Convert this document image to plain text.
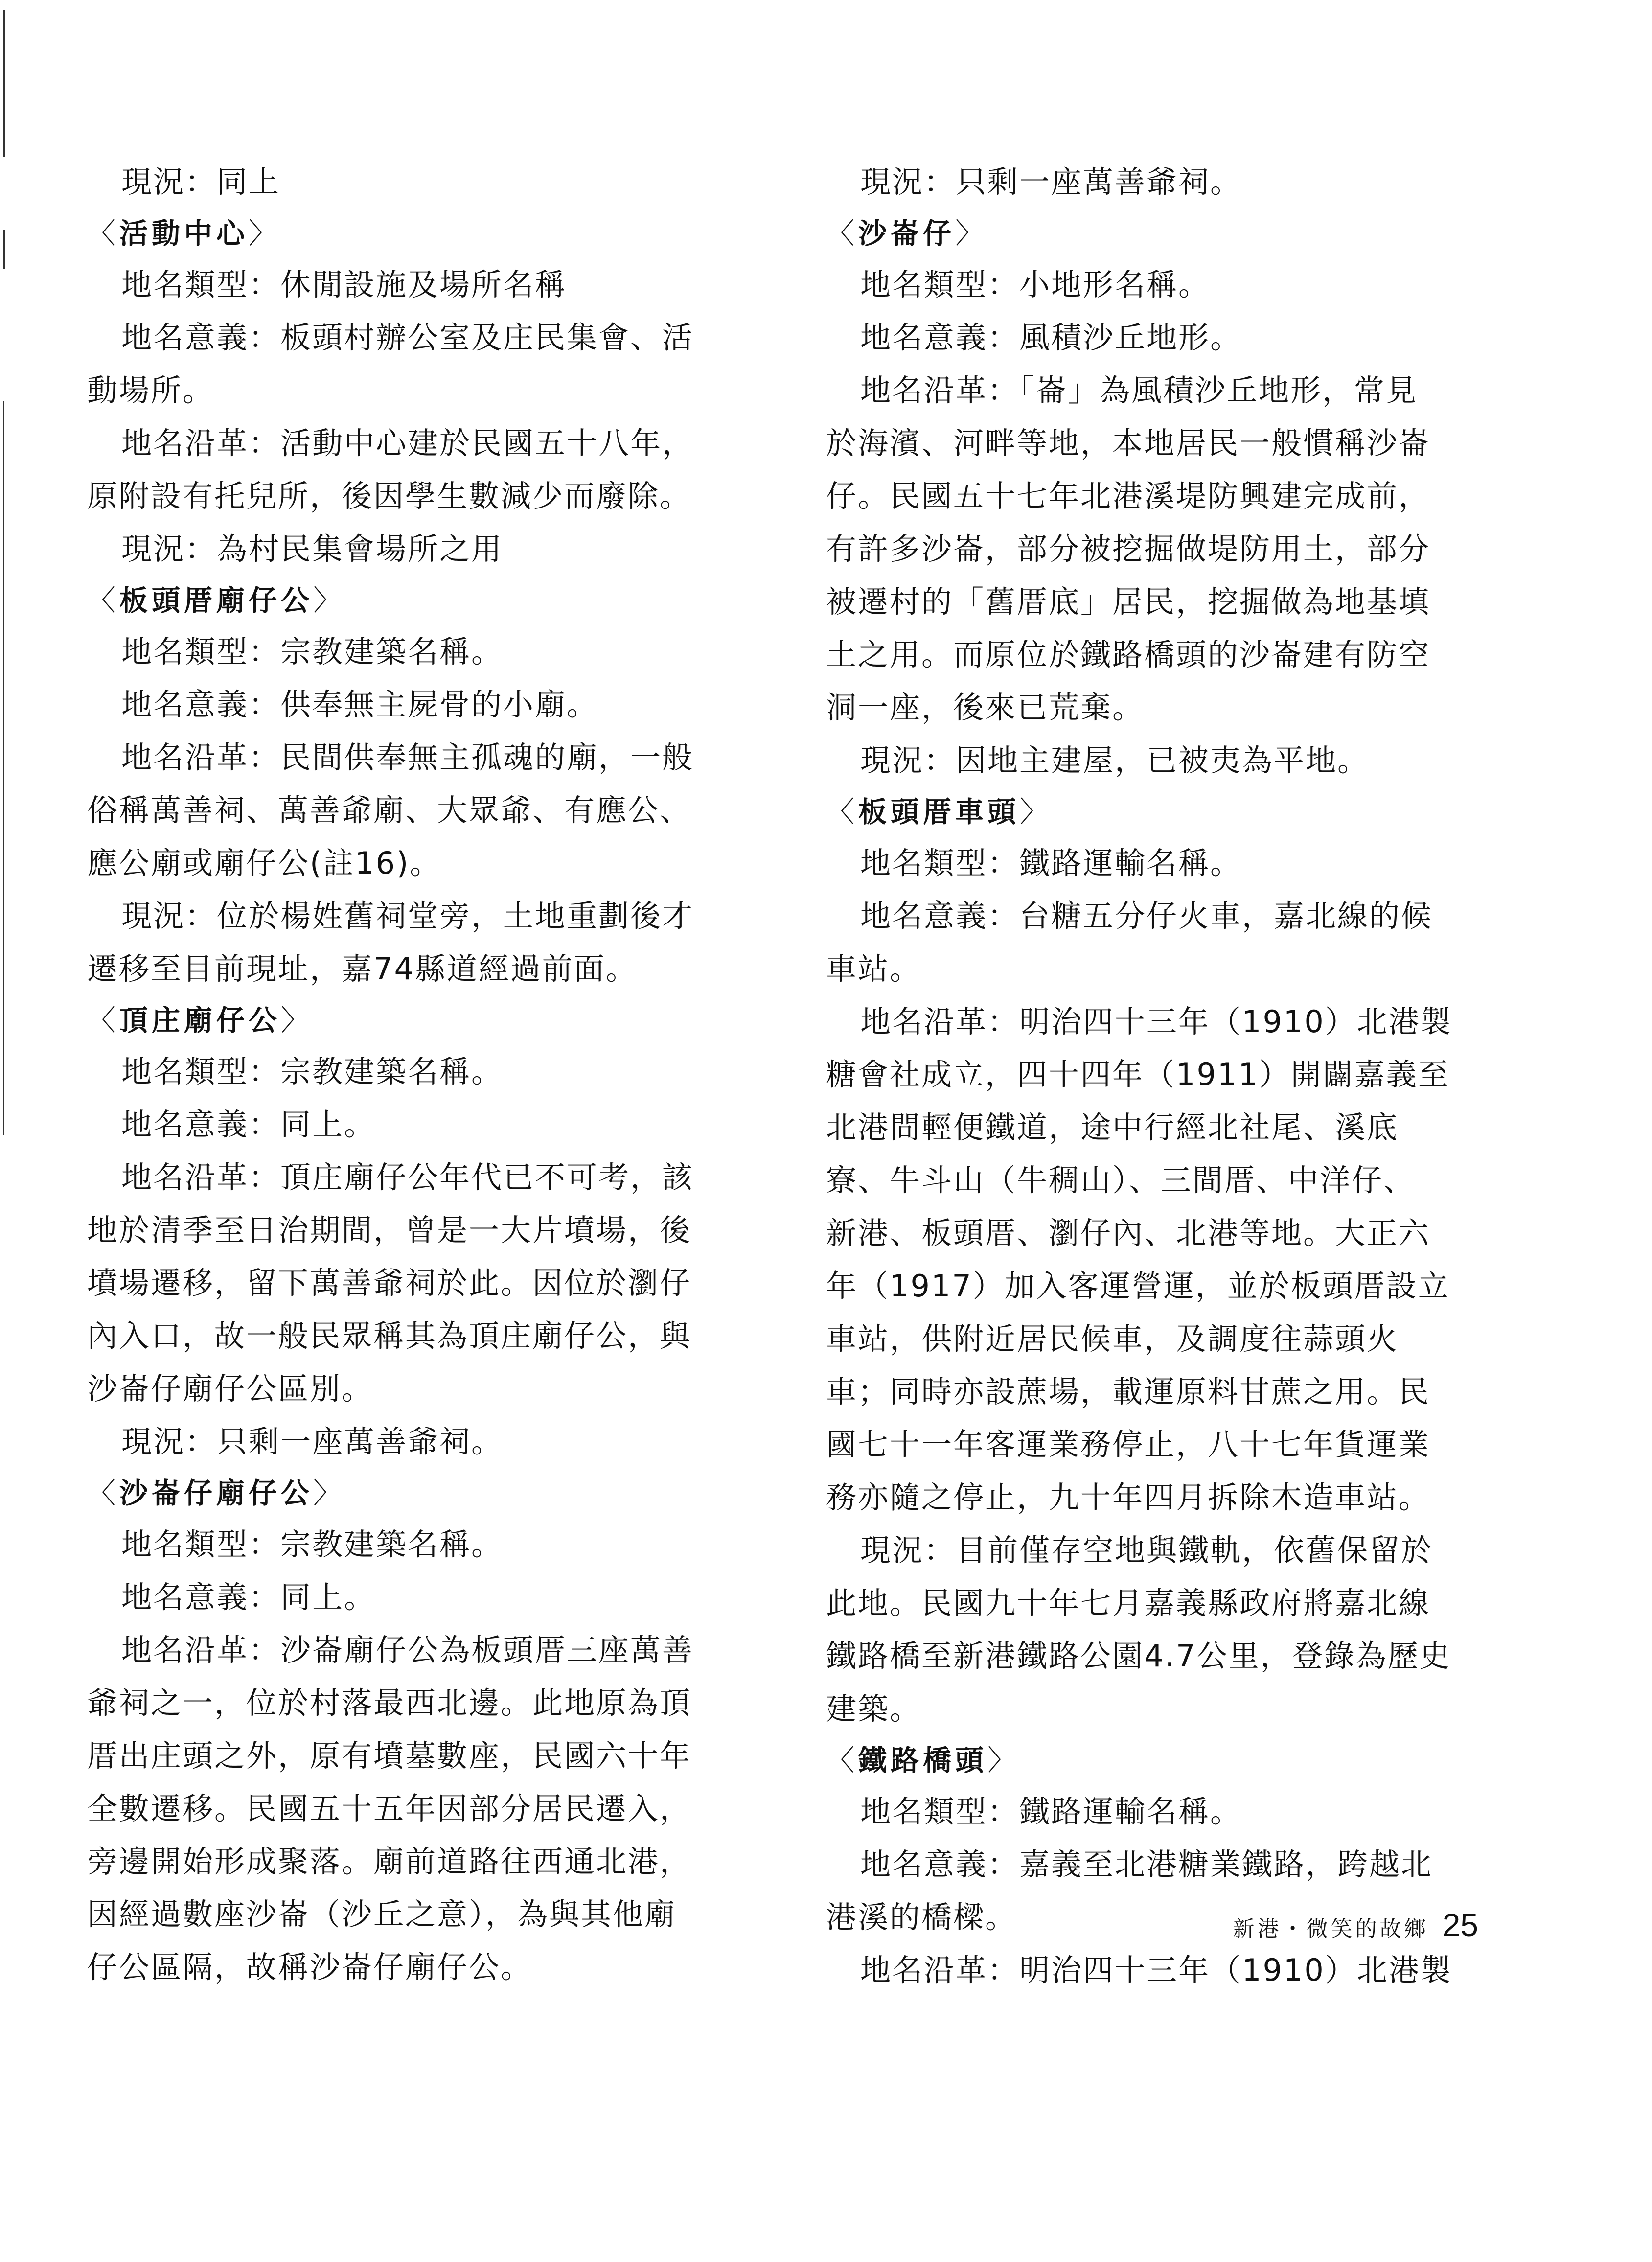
現況：同上

〈活動中心〉

地名類型：休閒設施及場所名稱

地名意義：板頭村辦公室及庄民集會、活

動場所。

地名沿革：活動中心建於民國五十八年，

原附設有托兒所，後因學生數減少而廢除。

現況：為村民集會場所之用

〈板頭厝廟仔公〉

地名類型：宗教建築名稱。

地名意義：供奉無主屍骨的小廟。

地名沿革：民間供奉無主孤魂的廟，一般

俗稱萬善祠、萬善爺廟、大眾爺、有應公、

應公廟或廟仔公(註16)。

現況：位於楊姓舊祠堂旁，土地重劃後才

遷移至目前現址，嘉74縣道經過前面。

〈頂庄廟仔公〉

地名類型：宗教建築名稱。

地名意義：同上。

地名沿革：頂庄廟仔公年代已不可考，該

地於清季至日治期間，曾是一大片墳場，後

墳場遷移，留下萬善爺祠於此。因位於瀏仔

內入口，故一般民眾稱其為頂庄廟仔公，與

沙崙仔廟仔公區別。

現況：只剩一座萬善爺祠。

〈沙崙仔廟仔公〉

地名類型：宗教建築名稱。

地名意義：同上。

地名沿革：沙崙廟仔公為板頭厝三座萬善

爺祠之一，位於村落最西北邊。此地原為頂

厝出庄頭之外，原有墳墓數座，民國六十年

全數遷移。民國五十五年因部分居民遷入，

旁邊開始形成聚落。廟前道路往西通北港，

因經過數座沙崙（沙丘之意），為與其他廟

仔公區隔，故稱沙崙仔廟仔公。

現況：只剩一座萬善爺祠。

〈沙崙仔〉

地名類型：小地形名稱。

地名意義：風積沙丘地形。

地名沿革：「崙」為風積沙丘地形，常見

於海濱、河畔等地，本地居民一般慣稱沙崙

仔。民國五十七年北港溪堤防興建完成前，

有許多沙崙，部分被挖掘做堤防用土，部分

被遷村的「舊厝底」居民，挖掘做為地基填

土之用。而原位於鐵路橋頭的沙崙建有防空

洞一座，後來已荒棄。

現況：因地主建屋，已被夷為平地。

〈板頭厝車頭〉

地名類型：鐵路運輸名稱。

地名意義：台糖五分仔火車，嘉北線的候

車站。

地名沿革：明治四十三年（1910）北港製

糖會社成立，四十四年（1911）開闢嘉義至

北港間輕便鐵道，途中行經北社尾、溪底

寮、牛斗山（牛稠山）、三間厝、中洋仔、

新港、板頭厝、瀏仔內、北港等地。大正六

年（1917）加入客運營運，並於板頭厝設立

車站，供附近居民候車，及調度往蒜頭火

車；同時亦設蔗場，載運原料甘蔗之用。民

國七十一年客運業務停止，八十七年貨運業

務亦隨之停止，九十年四月拆除木造車站。

現況：目前僅存空地與鐵軌，依舊保留於

此地。民國九十年七月嘉義縣政府將嘉北線

鐵路橋至新港鐵路公園4.7公里，登錄為歷史

建築。

〈鐵路橋頭〉

地名類型：鐵路運輸名稱。

地名意義：嘉義至北港糖業鐵路，跨越北

港溪的橋樑。

地名沿革：明治四十三年（1910）北港製

新港・微笑的故鄉 25
